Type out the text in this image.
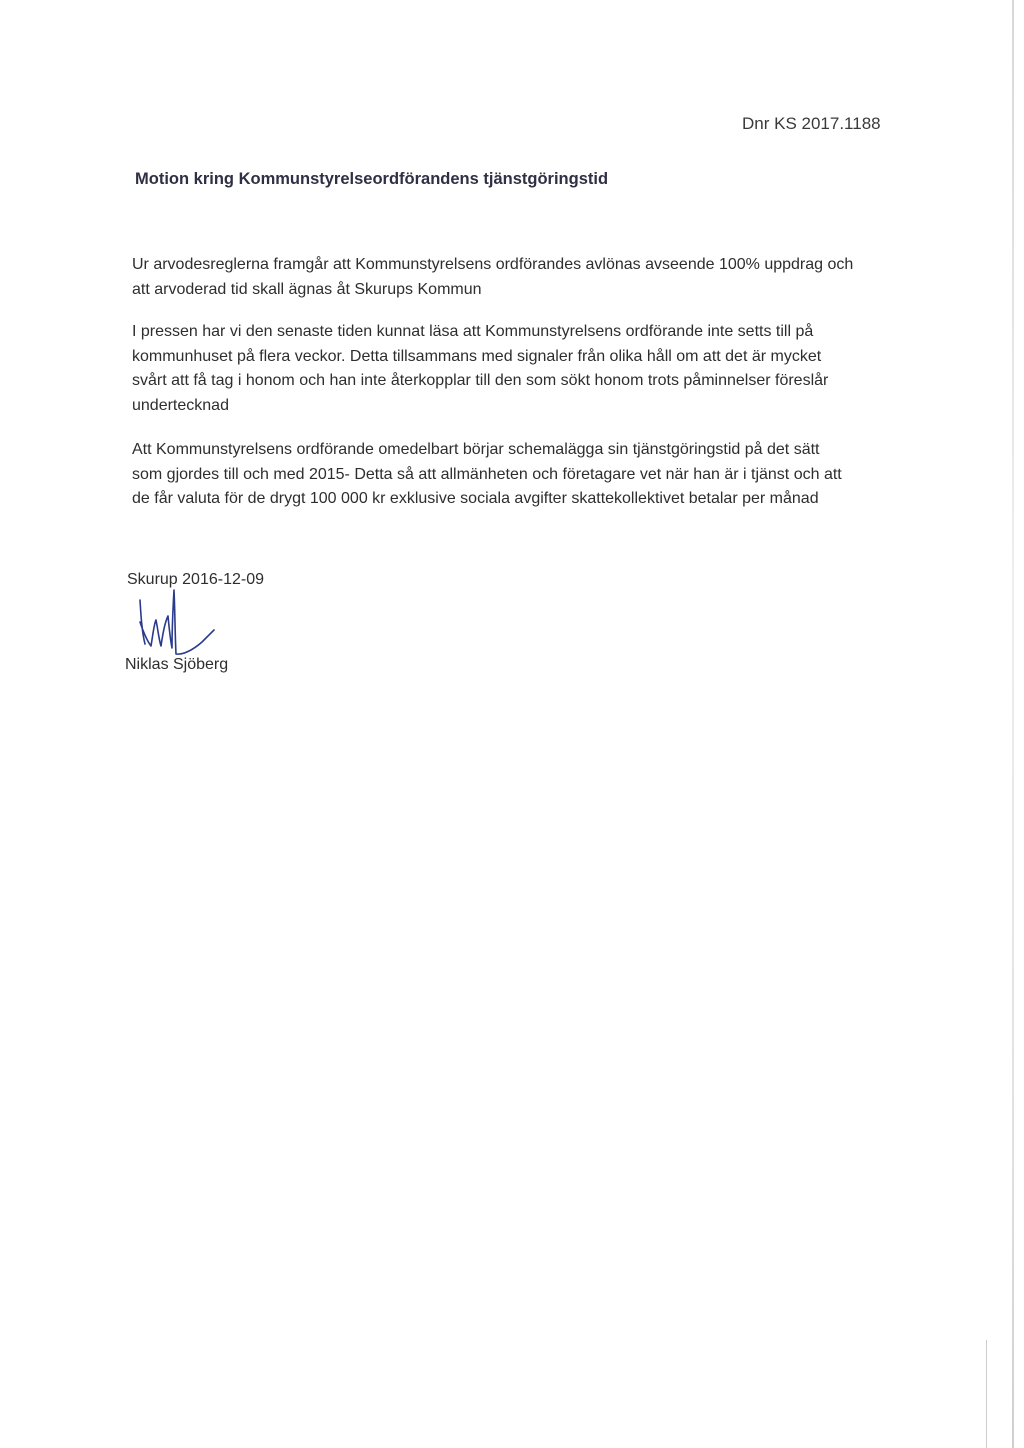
Dnr KS 2017.1188
Motion kring Kommunstyrelseordförandens tjänstgöringstid
Ur arvodesreglerna framgår att Kommunstyrelsens ordförandes avlönas avseende 100% uppdrag och
att arvoderad tid skall ägnas åt Skurups Kommun
I pressen har vi den senaste tiden kunnat läsa att Kommunstyrelsens ordförande inte setts till på
kommunhuset på flera veckor. Detta tillsammans med signaler från olika håll om att det är mycket
svårt att få tag i honom och han inte återkopplar till den som sökt honom trots påminnelser föreslår
undertecknad
Att Kommunstyrelsens ordförande omedelbart börjar schemalägga sin tjänstgöringstid på det sätt
som gjordes till och med 2015- Detta så att allmänheten och företagare vet när han är i tjänst och att
de får valuta för de drygt 100 000 kr exklusive sociala avgifter skattekollektivet betalar per månad
Skurup 2016-12-09
Niklas Sjöberg
